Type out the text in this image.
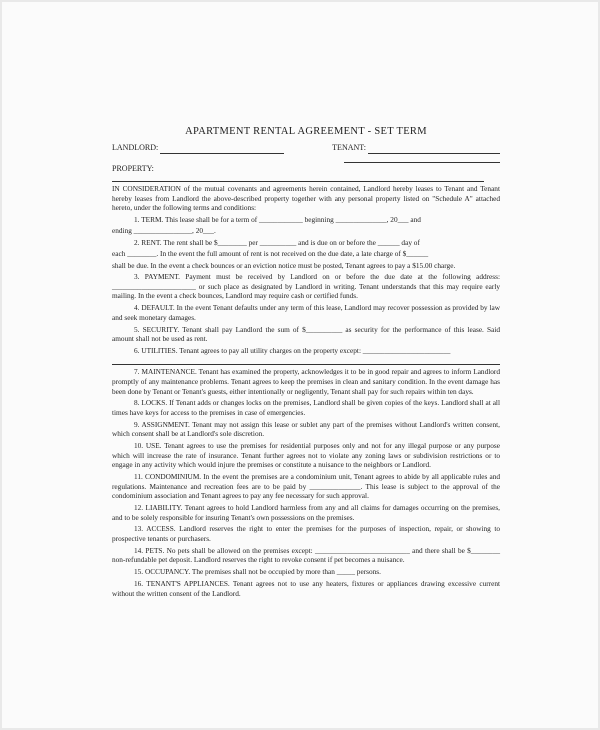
APARTMENT RENTAL AGREEMENT - SET TERM
LANDLORD:	TENANT:
PROPERTY:

IN CONSIDERATION of the mutual covenants and agreements herein contained, Landlord hereby leases to Tenant and Tenant hereby leases from Landlord the above-described property together with any personal property listed on "Schedule A" attached hereto, under the following terms and conditions:

1. TERM. This lease shall be for a term of ____________ beginning ______________, 20___ and

ending ________________, 20___.

2. RENT. The rent shall be $________ per __________ and is due on or before the ______ day of

each ________. In the event the full amount of rent is not received on the due date, a late charge of $______

shall be due. In the event a check bounces or an eviction notice must be posted, Tenant agrees to pay a $15.00 charge.

3. PAYMENT. Payment must be received by Landlord on or before the due date at the following address: _______________________ or such place as designated by Landlord in writing. Tenant understands that this may require early mailing. In the event a check bounces, Landlord may require cash or certified funds.

4. DEFAULT. In the event Tenant defaults under any term of this lease, Landlord may recover possession as provided by law and seek monetary damages.

5. SECURITY. Tenant shall pay Landlord the sum of $__________ as security for the performance of this lease. Said amount shall not be used as rent.

6. UTILITIES. Tenant agrees to pay all utility charges on the property except: ________________________

7. MAINTENANCE. Tenant has examined the property, acknowledges it to be in good repair and agrees to inform Landlord promptly of any maintenance problems. Tenant agrees to keep the premises in clean and sanitary condition. In the event damage has been done by Tenant or Tenant's guests, either intentionally or negligently, Tenant shall pay for such repairs within ten days.

8. LOCKS. If Tenant adds or changes locks on the premises, Landlord shall be given copies of the keys. Landlord shall at all times have keys for access to the premises in case of emergencies.

9. ASSIGNMENT. Tenant may not assign this lease or sublet any part of the premises without Landlord's written consent, which consent shall be at Landlord's sole discretion.

10. USE. Tenant agrees to use the premises for residential purposes only and not for any illegal purpose or any purpose which will increase the rate of insurance. Tenant further agrees not to violate any zoning laws or subdivision restrictions or to engage in any activity which would injure the premises or constitute a nuisance to the neighbors or Landlord.

11. CONDOMINIUM. In the event the premises are a condominium unit, Tenant agrees to abide by all applicable rules and regulations. Maintenance and recreation fees are to be paid by ______________. This lease is subject to the approval of the condominium association and Tenant agrees to pay any fee necessary for such approval.

12. LIABILITY. Tenant agrees to hold Landlord harmless from any and all claims for damages occurring on the premises, and to be solely responsible for insuring Tenant's own possessions on the premises.

13. ACCESS. Landlord reserves the right to enter the premises for the purposes of inspection, repair, or showing to prospective tenants or purchasers.

14. PETS. No pets shall be allowed on the premises except: __________________________ and there shall be $________ non-refundable pet deposit. Landlord reserves the right to revoke consent if pet becomes a nuisance.

15. OCCUPANCY. The premises shall not be occupied by more than _____ persons.

16. TENANT'S APPLIANCES. Tenant agrees not to use any heaters, fixtures or appliances drawing excessive current without the written consent of the Landlord.
